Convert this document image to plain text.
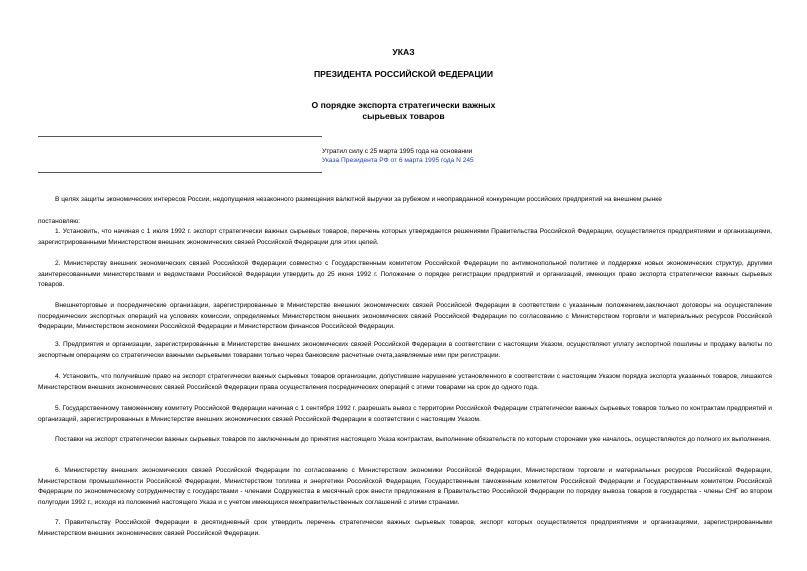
УКАЗ
ПРЕЗИДЕНТА РОССИЙСКОЙ ФЕДЕРАЦИИ
О порядке экспорта стратегически важных
сырьевых товаров
Утратил силу с 25 марта 1995 года на основании
Указа Президента РФ от 6 марта 1995 года N 245
В целях защиты экономических интересов России, недопущения незаконного размещения валютной выручки за рубежом и неоправданной конкуренции российских предприятий на внешнем рынке
постановляю:
1. Установить, что начиная с 1 июля 1992 г. экспорт стратегически важных сырьевых товаров, перечень которых утверждается решениями Правительства Российской Федерации, осуществляется предприятиями и организациями, зарегистрированными Министерством внешних экономических связей Российской Федерации для этих целей.
2. Министерству внешних экономических связей Российской Федерации совместно с Государственным комитетом Российской Федерации по антимонопольной политике и поддержке новых экономических структур, другими заинтересованными министерствами и ведомствами Российской Федерации утвердить до 25 июня 1992 г. Положение о порядке регистрации предприятий и организаций, имеющих право экспорта стратегически важных сырьевых товаров.
Внешнеторговые и посреднические организации, зарегистрированные в Министерстве внешних экономических связей Российской Федерации в соответствии с указанным положением,заключают договоры на осуществление посреднических экспортных операций на условиях комиссии, определяемых Министерством внешних экономических связей Российской Федерации по согласованию с Министерством торговли и материальных ресурсов Российской Федерации, Министерством экономики Российской Федерации и Министерством финансов Российской Федерации.
3. Предприятия и организации, зарегистрированные в Министерстве внешних экономических связей Российской Федерации в соответствии с настоящим Указом, осуществляют уплату экспортной пошлины и продажу валюты по экспортным операциям со стратегически важными сырьевыми товарами только через банковские расчетные счета,заявляемые ими при регистрации.
4. Установить, что получившие право на экспорт стратегически важных сырьевых товаров организации, допустившие нарушение установленного в соответствии с настоящим Указом порядка экспорта указанных товаров, лишаются Министерством внешних экономических связей Российской Федерации права осуществления посреднических операций с этими товарами на срок до одного года.
5. Государственному таможенному комитету Российской Федерации начиная с 1 сентября 1992 г. разрешать вывоз с территории Российской Федерации стратегически важных сырьевых товаров только по контрактам предприятий и организаций, зарегистрированных в Министерстве внешних экономических связей Российской Федерации в соответствии с настоящим Указом.
Поставки на экспорт стратегически важных сырьевых товаров по заключенным до принятия настоящего Указа контрактам, выполнение обязательств по которым сторонами уже началось, осуществляются до полного их выполнения.
6. Министерству внешних экономических связей Российской Федерации по согласованию с Министерством экономики Российской Федерации, Министерством торговли и материальных ресурсов Российской Федерации, Министерством промышленности Российской Федерации, Министерством топлива и энергетики Российской Федерации, Государственным таможенным комитетом Российской Федерации и Государственным комитетом Российской Федерации по экономическому сотрудничеству с государствами - членами Содружества в месячный срок внести предложения в Правительство Российской Федерации по порядку вывоза товаров в государства - члены СНГ во втором полугодии 1992 г., исходя из положений настоящего Указа и с учетом имеющихся межправительственных соглашений с этими странами.
7. Правительству Российской Федерации в десятидневный срок утвердить перечень стратегически важных сырьевых товаров, экспорт которых осуществляется предприятиями и организациями, зарегистрированными Министерством внешних экономических связей Российской Федерации.
